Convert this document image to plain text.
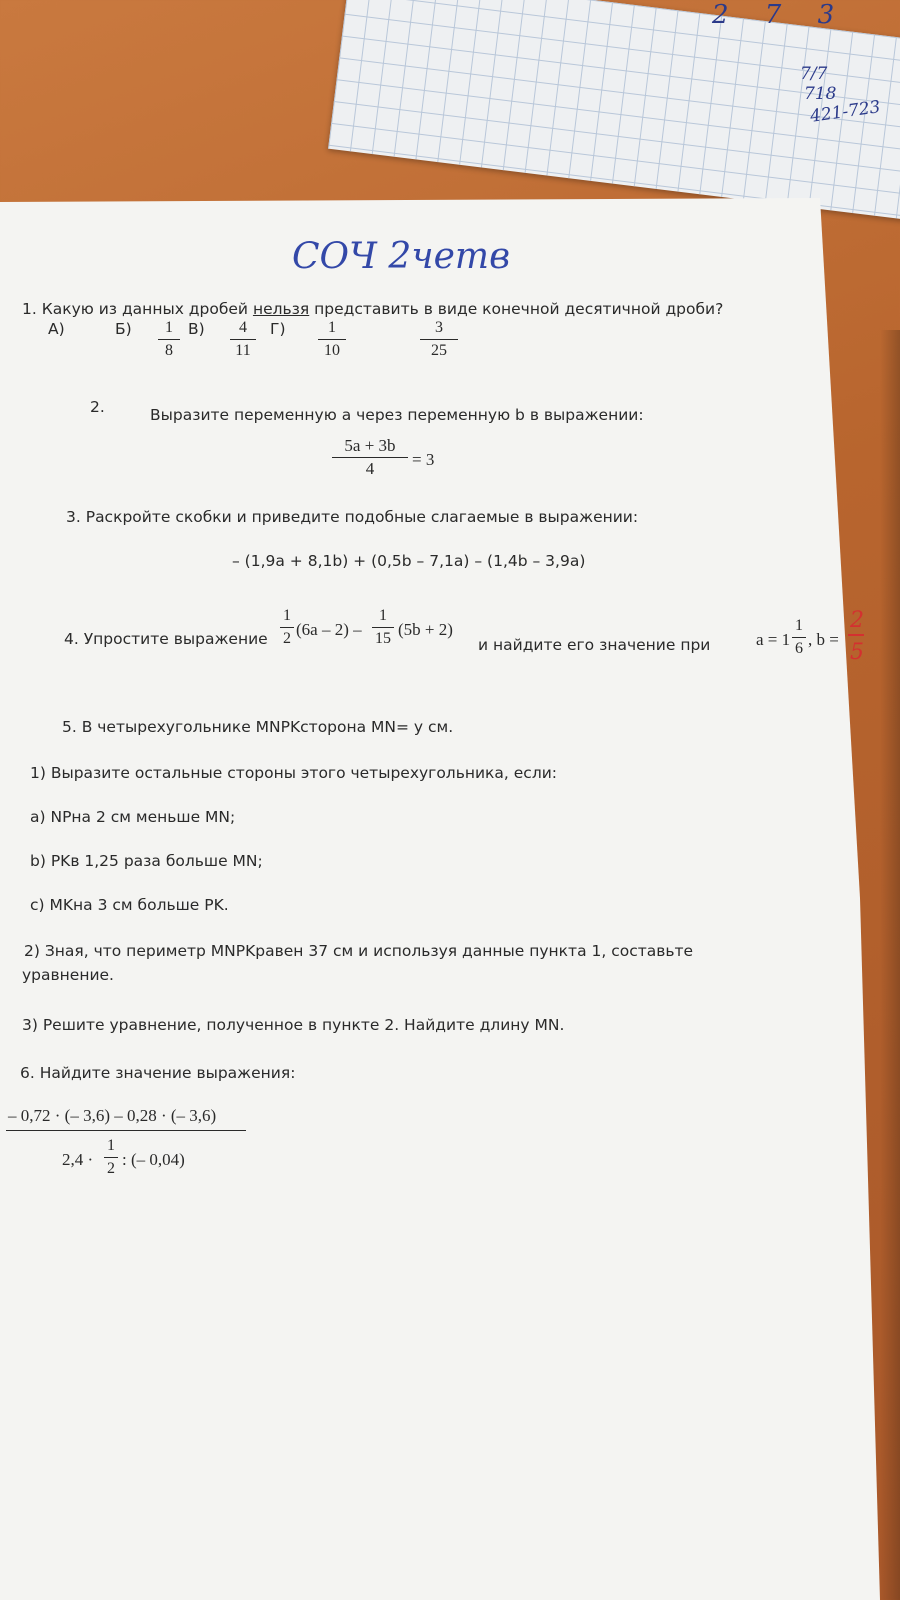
2 7 3
7/7
718
421-723
СОЧ 2четв
1. Какую из данных дробей нельзя представить в виде конечной десятичной дроби?
А)	Б)	1
8
В)	4
11
Г)	1
10
3
25
2.	Выразите переменную a через переменную b в выражении:
5a + 3b
4	= 3
3. Раскройте скобки и приведите подобные слагаемые в выражении:
– (1,9a + 8,1b) + (0,5b – 7,1a) – (1,4b – 3,9a)
4. Упростите выражение
1
2 (6a – 2) –
1
15 (5b + 2)
и найдите его значение при	a = 1
1
6 , b =
2
5
5. В четырехугольнике MNPKсторона MN= y см.
1) Выразите остальные стороны этого четырехугольника, если:
a) NPна 2 см меньше MN;
b) PKв 1,25 раза больше MN;
c) MKна 3 см больше PK.
2) Зная, что периметр MNPKравен 37 см и используя данные пункта 1, составьте
уравнение.
3) Решите уравнение, полученное в пункте 2. Найдите длину MN.
6. Найдите значение выражения:
– 0,72 · (– 3,6) – 0,28 · (– 3,6)
2,4 ·
1
2 : (– 0,04)
